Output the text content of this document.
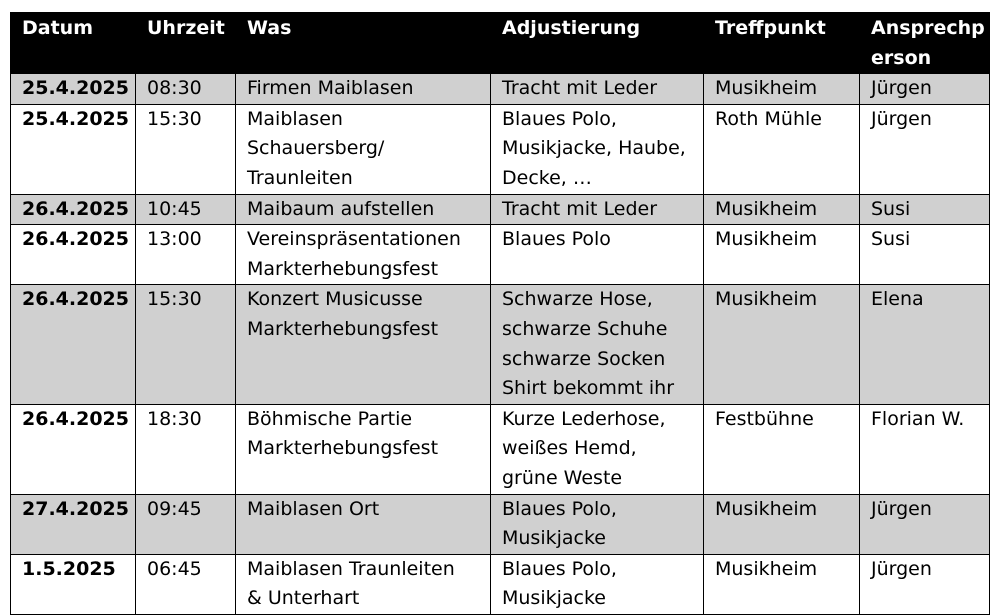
Datum	Uhrzeit	Was	Adjustierung	Treffpunkt	Ansprechp
erson
25.4.2025	08:30	Firmen Maiblasen	Tracht mit Leder	Musikheim	Jürgen
25.4.2025	15:30	Maiblasen
Schauersberg/
Traunleiten	Blaues Polo,
Musikjacke, Haube,
Decke, …	Roth Mühle	Jürgen
26.4.2025	10:45	Maibaum aufstellen	Tracht mit Leder	Musikheim	Susi
26.4.2025	13:00	Vereinspräsentationen
Markterhebungsfest	Blaues Polo	Musikheim	Susi
26.4.2025	15:30	Konzert Musicusse
Markterhebungsfest	Schwarze Hose,
schwarze Schuhe
schwarze Socken
Shirt bekommt ihr	Musikheim	Elena
26.4.2025	18:30	Böhmische Partie
Markterhebungsfest	Kurze Lederhose,
weißes Hemd,
grüne Weste	Festbühne	Florian W.
27.4.2025	09:45	Maiblasen Ort	Blaues Polo,
Musikjacke	Musikheim	Jürgen
1.5.2025	06:45	Maiblasen Traunleiten
& Unterhart	Blaues Polo,
Musikjacke	Musikheim	Jürgen
